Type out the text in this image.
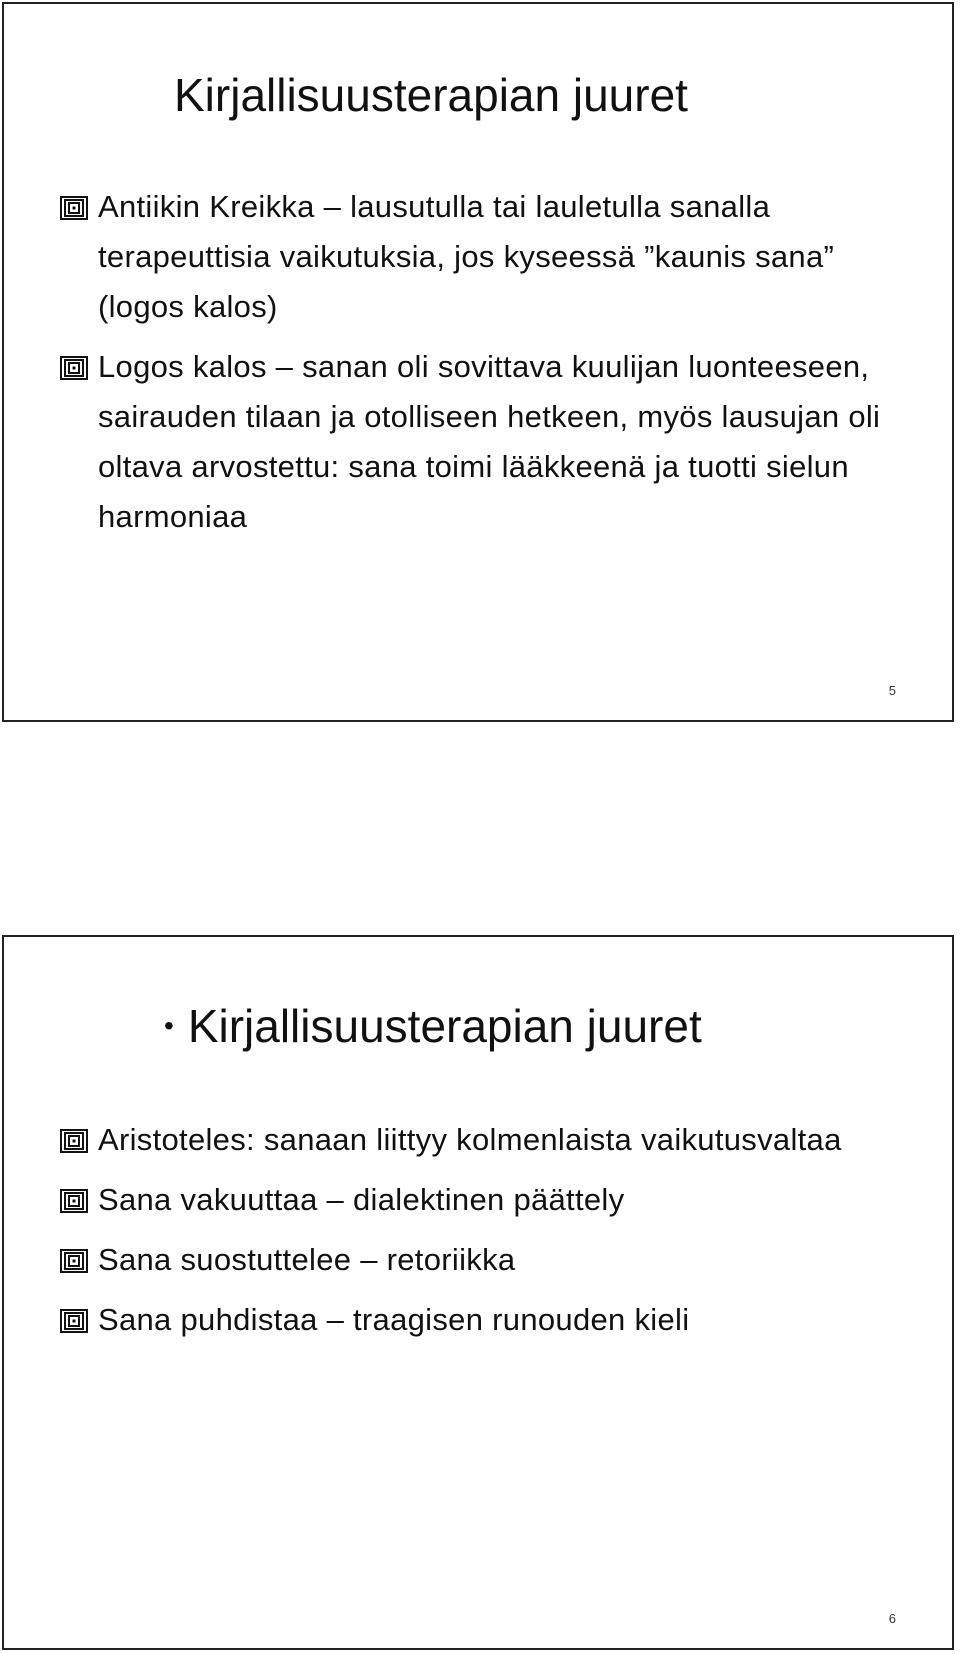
Kirjallisuusterapian juuret
Antiikin Kreikka – lausutulla tai lauletulla sanalla terapeuttisia vaikutuksia, jos kyseessä ”kaunis sana” (logos kalos)
Logos kalos – sanan oli sovittava kuulijan luonteeseen, sairauden tilaan ja otolliseen hetkeen, myös lausujan oli oltava arvostettu: sana toimi lääkkeenä ja tuotti sielun harmoniaa
5
• Kirjallisuusterapian juuret
Aristoteles: sanaan liittyy kolmenlaista vaikutusvaltaa
Sana vakuuttaa – dialektinen päättely
Sana suostuttelee – retoriikka
Sana puhdistaa – traagisen runouden kieli
6
